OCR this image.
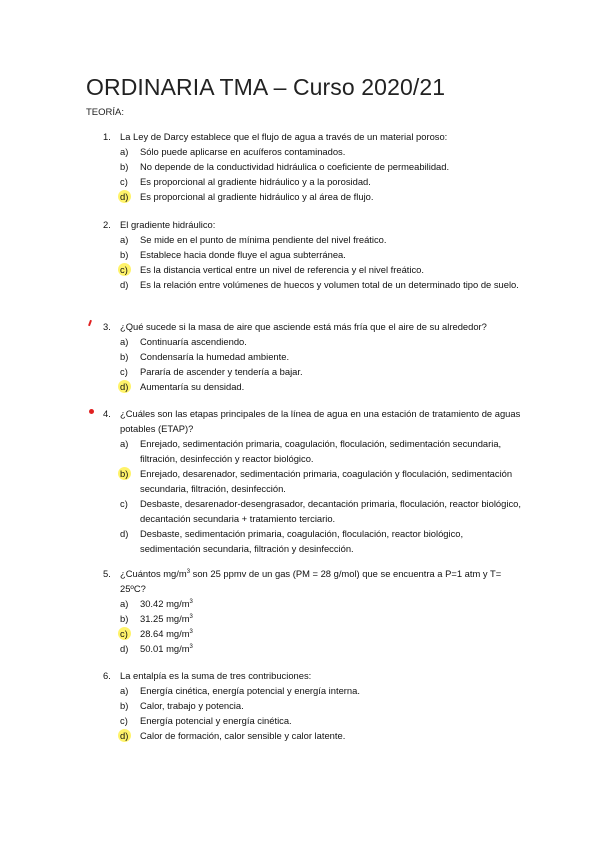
ORDINARIA TMA – Curso 2020/21
TEORÍA:
1. La Ley de Darcy establece que el flujo de agua a través de un material poroso:
a)	Sólo puede aplicarse en acuíferos contaminados.
b)	No depende de la conductividad hidráulica o coeficiente de permeabilidad.
c)	Es proporcional al gradiente hidráulico y a la porosidad.
d)	Es proporcional al gradiente hidráulico y al área de flujo.
2. El gradiente hidráulico:
a)	Se mide en el punto de mínima pendiente del nivel freático.
b)	Establece hacia donde fluye el agua subterránea.
c)	Es la distancia vertical entre un nivel de referencia y el nivel freático.
d)	Es la relación entre volúmenes de huecos y volumen total de un determinado tipo de suelo.
3. ¿Qué sucede si la masa de aire que asciende está más fría que el aire de su alrededor?
a)	Continuaría ascendiendo.
b)	Condensaría la humedad ambiente.
c)	Pararía de ascender y tendería a bajar.
d)	Aumentaría su densidad.
4. ¿Cuáles son las etapas principales de la línea de agua en una estación de tratamiento de aguas potables (ETAP)?
a)	Enrejado, sedimentación primaria, coagulación, floculación, sedimentación secundaria, filtración, desinfección y reactor biológico.
b)	Enrejado, desarenador, sedimentación primaria, coagulación y floculación, sedimentación secundaria, filtración, desinfección.
c)	Desbaste, desarenador-desengrasador, decantación primaria, floculación, reactor biológico, decantación secundaria + tratamiento terciario.
d)	Desbaste, sedimentación primaria, coagulación, floculación, reactor biológico, sedimentación secundaria, filtración y desinfección.
5. ¿Cuántos $mg/m^3$ son 25 ppmv de un gas (PM = 28 g/mol) que se encuentra a P=1 atm y T= 25ºC?
a)	30.42 $mg/m^3$
b)	31.25 $mg/m^3$
c)	28.64 $mg/m^3$
d)	50.01 $mg/m^3$
6. La entalpía es la suma de tres contribuciones:
a)	Energía cinética, energía potencial y energía interna.
b)	Calor, trabajo y potencia.
c)	Energía potencial y energía cinética.
d)	Calor de formación, calor sensible y calor latente.
